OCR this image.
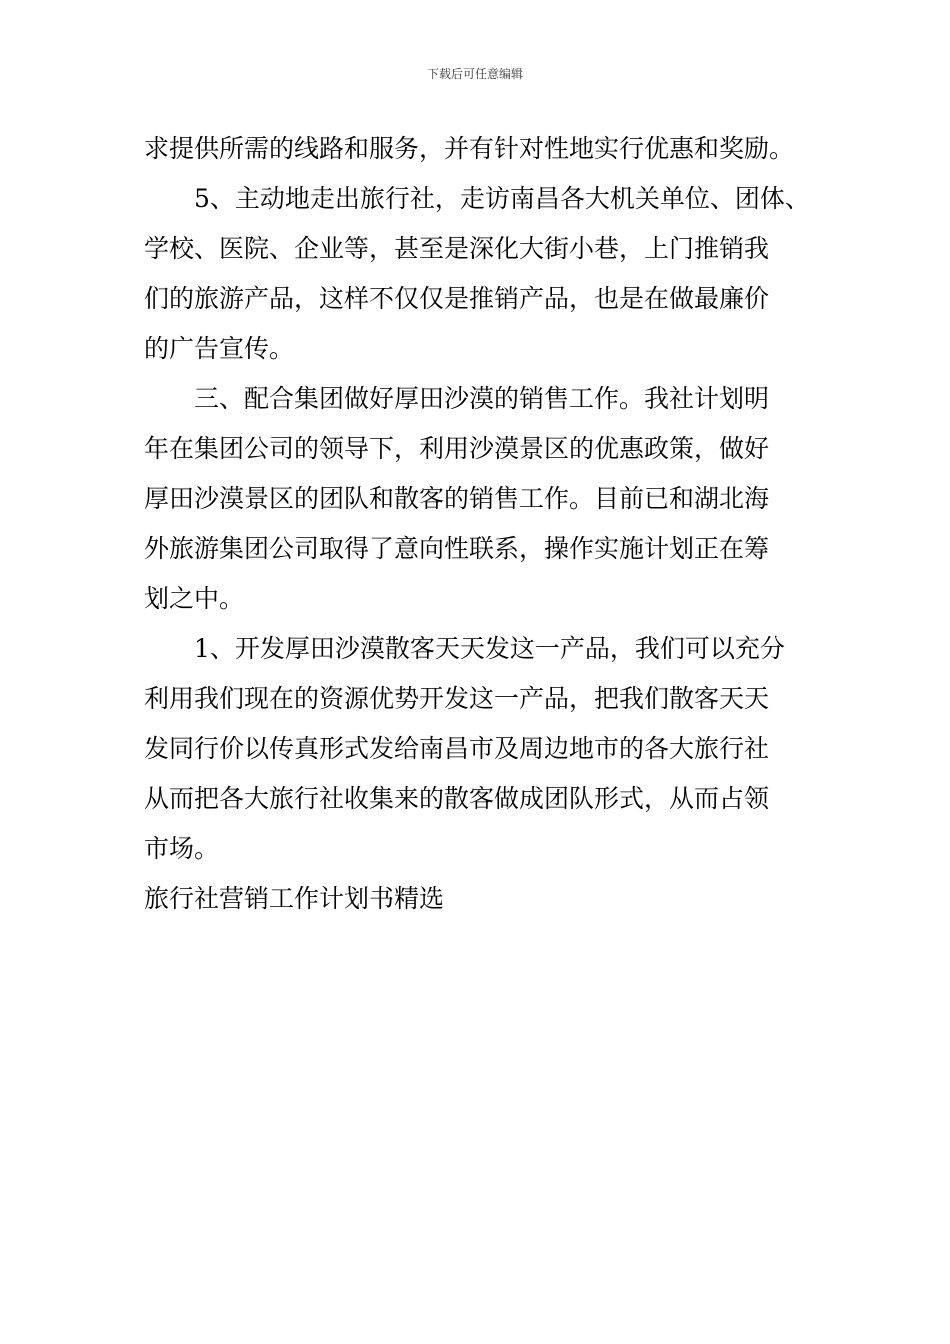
下载后可任意编辑
求提供所需的线路和服务，并有针对性地实行优惠和奖励。
5、主动地走出旅行社，走访南昌各大机关单位、团体、
学校、医院、企业等，甚至是深化大街小巷，上门推销我
们的旅游产品，这样不仅仅是推销产品，也是在做最廉价
的广告宣传。
三、配合集团做好厚田沙漠的销售工作。我社计划明
年在集团公司的领导下，利用沙漠景区的优惠政策，做好
厚田沙漠景区的团队和散客的销售工作。目前已和湖北海
外旅游集团公司取得了意向性联系，操作实施计划正在筹
划之中。
1、开发厚田沙漠散客天天发这一产品，我们可以充分
利用我们现在的资源优势开发这一产品，把我们散客天天
发同行价以传真形式发给南昌市及周边地市的各大旅行社
从而把各大旅行社收集来的散客做成团队形式，从而占领
市场。
旅行社营销工作计划书精选
